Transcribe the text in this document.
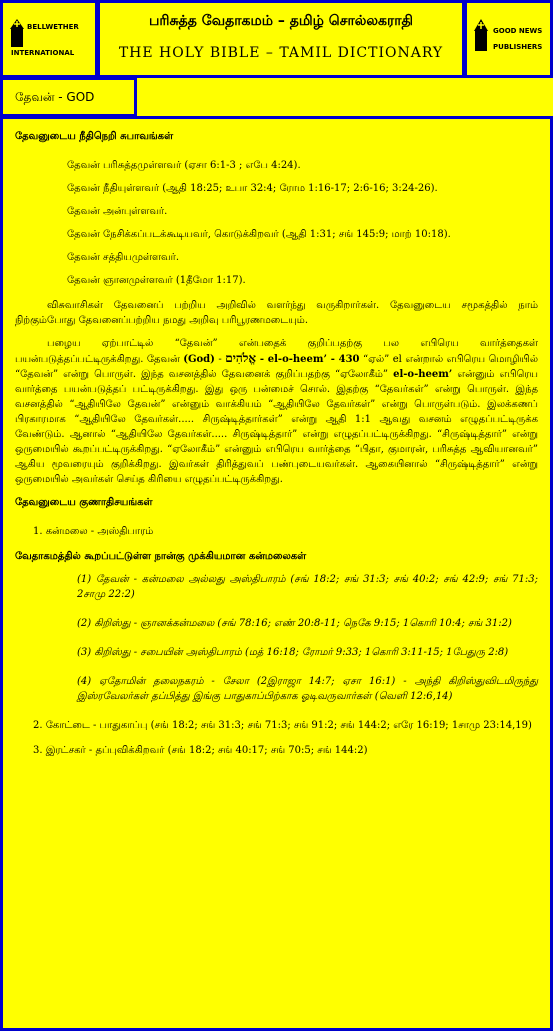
BELLWETHER
INTERNATIONAL
பரிசுத்த வேதாகமம் – தமிழ் சொல்லகராதி
THE HOLY BIBLE – TAMIL DICTIONARY
GOOD NEWS
PUBLISHERS
தேவன் - GOD
தேவனுடைய நீதிநெறி சுபாவங்கள்
தேவன் பரிசுத்தமுள்ளவர் (ஏசா 6:1-3 ; எபே 4:24).
தேவன் நீதியுள்ளவர் (ஆதி 18:25; உபா 32:4; ரோம 1:16-17; 2:6-16; 3:24-26).
தேவன் அன்புள்ளவர்.
தேவன் நேசிக்கப்படக்கூடியவர், கொடுக்கிறவர் (ஆதி 1:31; சங் 145:9; மாற் 10:18).
தேவன் சத்தியமுள்ளவர்.
தேவன் ஞானமுள்ளவர் (1தீமோ 1:17).

விசுவாசிகள் தேவனைப் பற்றிய அறிவில் வளர்ந்து வருகிறார்கள். தேவனுடைய சமூகத்தில் நாம் நிற்கும்போது தேவனைப்பற்றிய நமது அறிவு பரிபூரணமடையும்.

பழைய ஏற்பாட்டில் “தேவன்” என்பதைக் குறிப்பதற்கு பல எபிரெய வார்த்தைகள் பயன்படுத்தப்பட்டிருக்கிறது. தேவன் (God) - אֱלֹהִים - el-o-heem’ - 430 “ஏல்” el என்றால் எபிரெய மொழியில் “தேவன்” என்று பொருள். இந்த வசனத்தில் தேவனைக் குறிப்பதற்கு “ஏலோகீம்” el-o-heem’ என்னும் எபிரெய வார்த்தை பயன்படுத்தப் பட்டிருக்கிறது. இது ஒரு பன்மைச் சொல். இதற்கு “தேவர்கள்” என்று பொருள். இந்த வசனத்தில் “ஆதியிலே தேவன்” என்னும் வாக்கியம் “ஆதியிலே தேவர்கள்” என்று பொருள்படும். இலக்கணப் பிரகாரமாக “ஆதியிலே தேவர்கள்..... சிருஷ்டித்தார்கள்” என்று ஆதி 1:1 ஆவது வசனம் எழுதப்பட்டிருக்க வேண்டும். ஆனால் “ஆதியிலே தேவர்கள்..... சிருஷ்டித்தார்” என்று எழுதப்பட்டிருக்கிறது. “சிருஷ்டித்தார்” என்று ஒருமையில் கூறப்பட்டிருக்கிறது. “ஏலோகீம்” என்னும் எபிரெய வார்த்தை “பிதா, குமாரன், பரிசுத்த ஆவியானவர்” ஆகிய மூவரையும் குறிக்கிறது. இவர்கள் திரித்துவப் பண்புடையவர்கள். ஆகையினால் “சிருஷ்டித்தார்” என்று ஒருமையில் அவர்கள் செய்த கிரியை எழுதப்பட்டிருக்கிறது.

தேவனுடைய குணாதிசயங்கள்
1. கன்மலை - அஸ்திபாரம்
வேதாகமத்தில் கூறப்பட்டுள்ள நான்கு முக்கியமான கன்மலைகள்
(1) தேவன் - கன்மலை அல்லது அஸ்திபாரம் (சங் 18:2; சங் 31:3; சங் 40:2; சங் 42:9; சங் 71:3; 2சாமு 22:2)
(2) கிறிஸ்து - ஞானக்கன்மலை (சங் 78:16; எண் 20:8-11; நெகே 9:15; 1கொரி 10:4; சங் 31:2)
(3) கிறிஸ்து - சபையின் அஸ்திபாரம் (மத் 16:18; ரோமர் 9:33; 1கொரி 3:11-15; 1பேதுரு 2:8)
(4) ஏதோமின் தலைநகரம் - சேலா (2இராஜா 14:7; ஏசா 16:1) - அந்தி கிறிஸ்துவிடமிருந்து இஸ்ரவேலர்கள் தப்பித்து இங்கு பாதுகாப்பிற்காக ஓடிவருவார்கள் (வெளி 12:6,14)
2. கோட்டை - பாதுகாப்பு (சங் 18:2; சங் 31:3; சங் 71:3; சங் 91:2; சங் 144:2; எரே 16:19; 1சாமு 23:14,19)
3. இரட்சகர் - தப்புவிக்கிறவர் (சங் 18:2; சங் 40:17; சங் 70:5; சங் 144:2)
